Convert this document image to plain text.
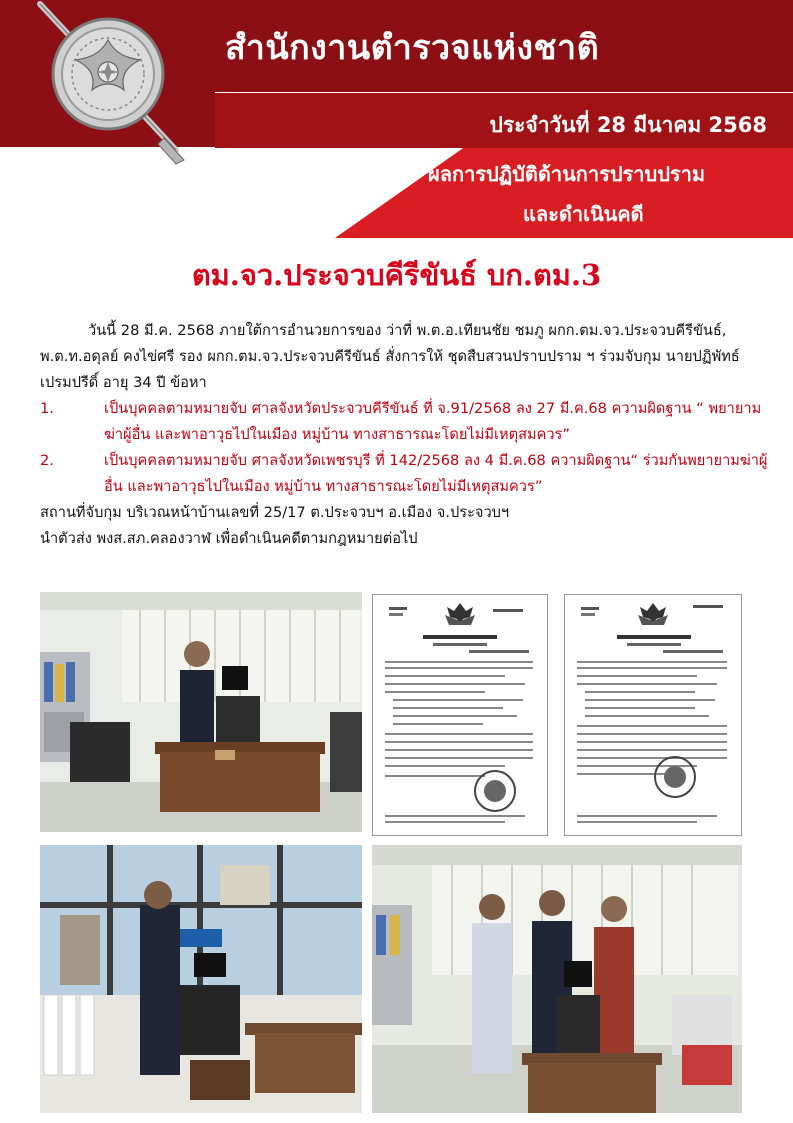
ประจำวันที่ 28 มีนาคม 2568
ผลการปฏิบัติด้านการปราบปราม
และดำเนินคดี
สำนักงานตำรวจแห่งชาติ
ตม.จว.ประจวบคีรีขันธ์ บก.ตม.3

วันนี้ 28 มี.ค. 2568 ภายใต้การอำนวยการของ ว่าที่ พ.ต.อ.เทียนชัย ชมภู ผกก.ตม.จว.ประจวบคีรีขันธ์, พ.ต.ท.อดุลย์ คงไข่ศรี รอง ผกก.ตม.จว.ประจวบคีรีขันธ์ สั่งการให้ ชุดสืบสวนปราบปราม ฯ ร่วมจับกุม นายปฏิพัทธ์ เปรมปรีดิ์ อายุ 34 ปี ข้อหา

1.	เป็นบุคคลตามหมายจับ ศาลจังหวัดประจวบคีรีขันธ์ ที่ จ.91/2568 ลง 27 มี.ค.68 ความผิดฐาน “ พยายามฆ่าผู้อื่น และพาอาวุธไปในเมือง หมู่บ้าน ทางสาธารณะโดยไม่มีเหตุสมควร”
2.	เป็นบุคคลตามหมายจับ ศาลจังหวัดเพชรบุรี ที่ 142/2568 ลง 4 มี.ค.68 ความผิดฐาน“ ร่วมกันพยายามฆ่าผู้อื่น และพาอาวุธไปในเมือง หมู่บ้าน ทางสาธารณะโดยไม่มีเหตุสมควร”

สถานที่จับกุม บริเวณหน้าบ้านเลขที่ 25/17 ต.ประจวบฯ อ.เมือง จ.ประจวบฯ

นำตัวส่ง พงส.สภ.คลองวาฬ เพื่อดำเนินคดีตามกฎหมายต่อไป
